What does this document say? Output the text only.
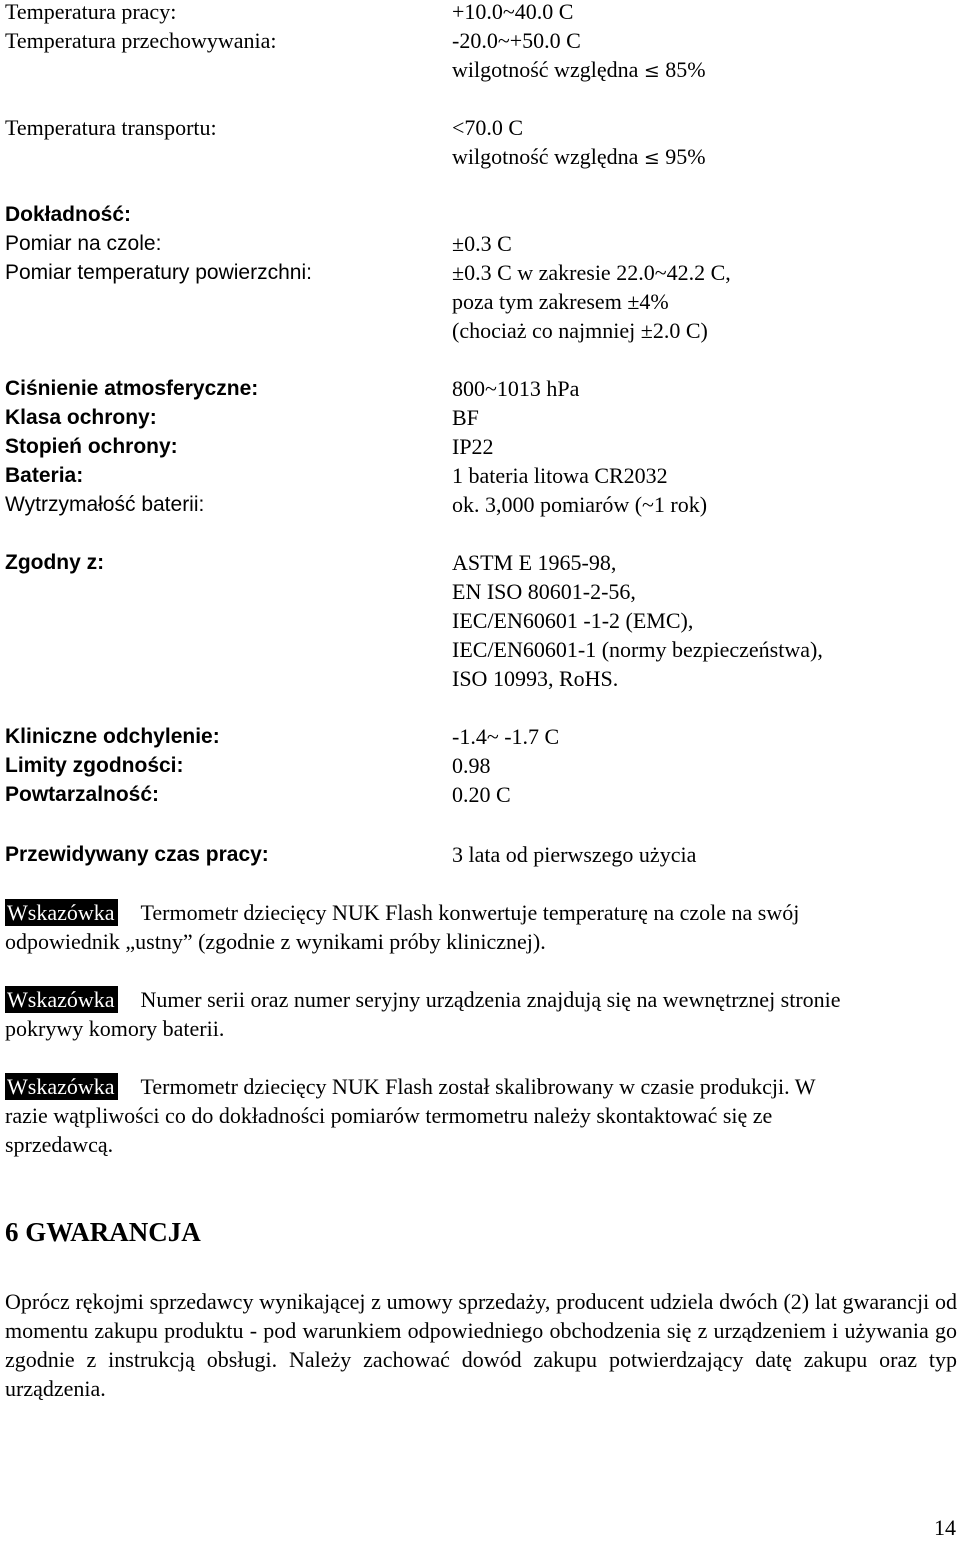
Temperatura pracy:	+10.0~40.0 C
Temperatura przechowywania:	-20.0~+50.0 C
wilgotność względna ≤ 85%
Temperatura transportu:	<70.0 C
wilgotność względna ≤ 95%
Dokładność:
Pomiar na czole:	±0.3 C
Pomiar temperatury powierzchni:	±0.3 C w zakresie 22.0~42.2 C,
poza tym zakresem ±4%
(chociaż co najmniej ±2.0 C)
Ciśnienie atmosferyczne:	800~1013 hPa
Klasa ochrony:	BF
Stopień ochrony:	IP22
Bateria:	1 bateria litowa CR2032
Wytrzymałość baterii:	ok. 3,000 pomiarów (~1 rok)
Zgodny z:	ASTM E 1965-98,
EN ISO 80601-2-56,
IEC/EN60601 -1-2 (EMC),
IEC/EN60601-1 (normy bezpieczeństwa),
ISO 10993, RoHS.
Kliniczne odchylenie:	-1.4~ -1.7 C
Limity zgodności:	0.98
Powtarzalność:	0.20 C
Przewidywany czas pracy:	3 lata od pierwszego użycia
Wskazówka Termometr dziecięcy NUK Flash konwertuje temperaturę na czole na swój
odpowiednik „ustny” (zgodnie z wynikami próby klinicznej).
Wskazówka Numer serii oraz numer seryjny urządzenia znajdują się na wewnętrznej stronie
pokrywy komory baterii.
Wskazówka Termometr dziecięcy NUK Flash został skalibrowany w czasie produkcji. W
razie wątpliwości co do dokładności pomiarów termometru należy skontaktować się ze
sprzedawcą.
6 GWARANCJA
Oprócz rękojmi sprzedawcy wynikającej z umowy sprzedaży, producent udziela dwóch (2) lat gwarancji od momentu zakupu produktu - pod warunkiem odpowiedniego obchodzenia się z urządzeniem i używania go zgodnie z instrukcją obsługi. Należy zachować dowód zakupu potwierdzający datę zakupu oraz typ urządzenia.
14
